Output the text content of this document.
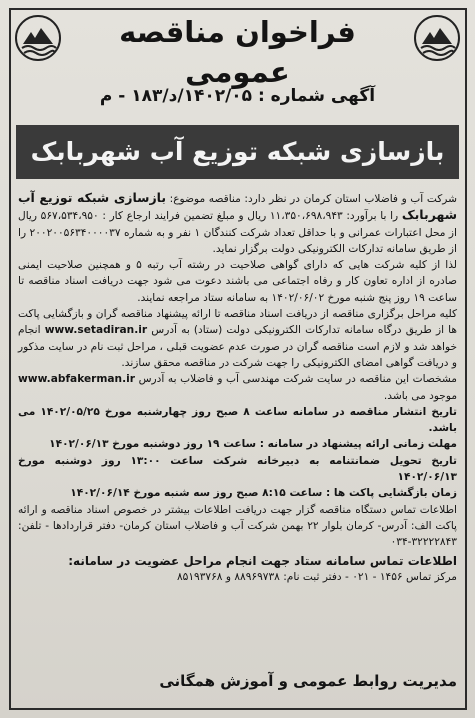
فراخوان مناقصه عمومی
آگهی شماره : ۱۴۰۲/۰۵/د/۱۸۳ - م
بازسازی شبکه توزیع آب شهربابک

شرکت آب و فاضلاب استان کرمان در نظر دارد: مناقصه موضوع: بازسازی شبکه توزیع آب شهربابک را با برآورد: ۱۱،۳۵۰،۶۹۸،۹۴۳ ریال و مبلغ تضمین فرایند ارجاع کار : ۵۶۷،۵۳۴،۹۵۰ ریال از محل اعتبارات عمرانی و با حداقل تعداد شرکت کنندگان ۱ نفر و به شماره ۲۰۰۲۰۰۵۶۳۴۰۰۰۰۳۷ را از طریق سامانه تدارکات الکترونیکی دولت برگزار نماید.

لذا از کلیه شرکت هایی که دارای گواهی صلاحیت در رشته آب رتبه ۵ و همچنین صلاحیت ایمنی صادره از اداره تعاون کار و رفاه اجتماعی می باشند دعوت می شود جهت دریافت اسناد مناقصه تا ساعت ۱۹ روز پنج شنبه مورخ ۱۴۰۲/۰۶/۰۲ به سامانه ستاد مراجعه نمایند.

کلیه مراحل برگزاری مناقصه از دریافت اسناد مناقصه تا ارائه پیشنهاد مناقصه گران و بازگشایی پاکت ها از طریق درگاه سامانه تدارکات الکترونیکی دولت (ستاد) به آدرس www.setadiran.ir انجام خواهد شد و لازم است مناقصه گران در صورت عدم عضویت قبلی ، مراحل ثبت نام در سایت مذکور و دریافت گواهی امضای الکترونیکی را جهت شرکت در مناقصه محقق سازند.

مشخصات این مناقصه در سایت شرکت مهندسی آب و فاضلاب به آدرس www.abfakerman.ir موجود می باشد.

تاریخ انتشار مناقصه در سامانه ساعت ۸ صبح روز چهارشنبه مورخ ۱۴۰۲/۰۵/۲۵ می باشد.

مهلت زمانی ارائه پیشنهاد در سامانه : ساعت ۱۹ روز دوشنبه مورخ ۱۴۰۲/۰۶/۱۳

تاریخ تحویل ضمانتنامه به دبیرخانه شرکت ساعت ۱۳:۰۰ روز دوشنبه مورخ ۱۴۰۲/۰۶/۱۳

زمان بازگشایی پاکت ها : ساعت ۸:۱۵ صبح روز سه شنبه مورخ ۱۴۰۲/۰۶/۱۴

اطلاعات تماس دستگاه مناقصه گزار جهت دریافت اطلاعات بیشتر در خصوص اسناد مناقصه و ارائه پاکت الف: آدرس- کرمان بلوار ۲۲ بهمن شرکت آب و فاضلاب استان کرمان- دفتر قراردادها - تلفن: ۳۲۲۲۲۸۴۳-۰۳۴

اطلاعات تماس سامانه ستاد جهت انجام مراحل عضویت در سامانه:

مرکز تماس ۱۴۵۶ - ۰۲۱ - دفتر ثبت نام: ۸۸۹۶۹۷۳۸ و ۸۵۱۹۳۷۶۸

مدیریت روابط عمومی و آموزش همگانی
